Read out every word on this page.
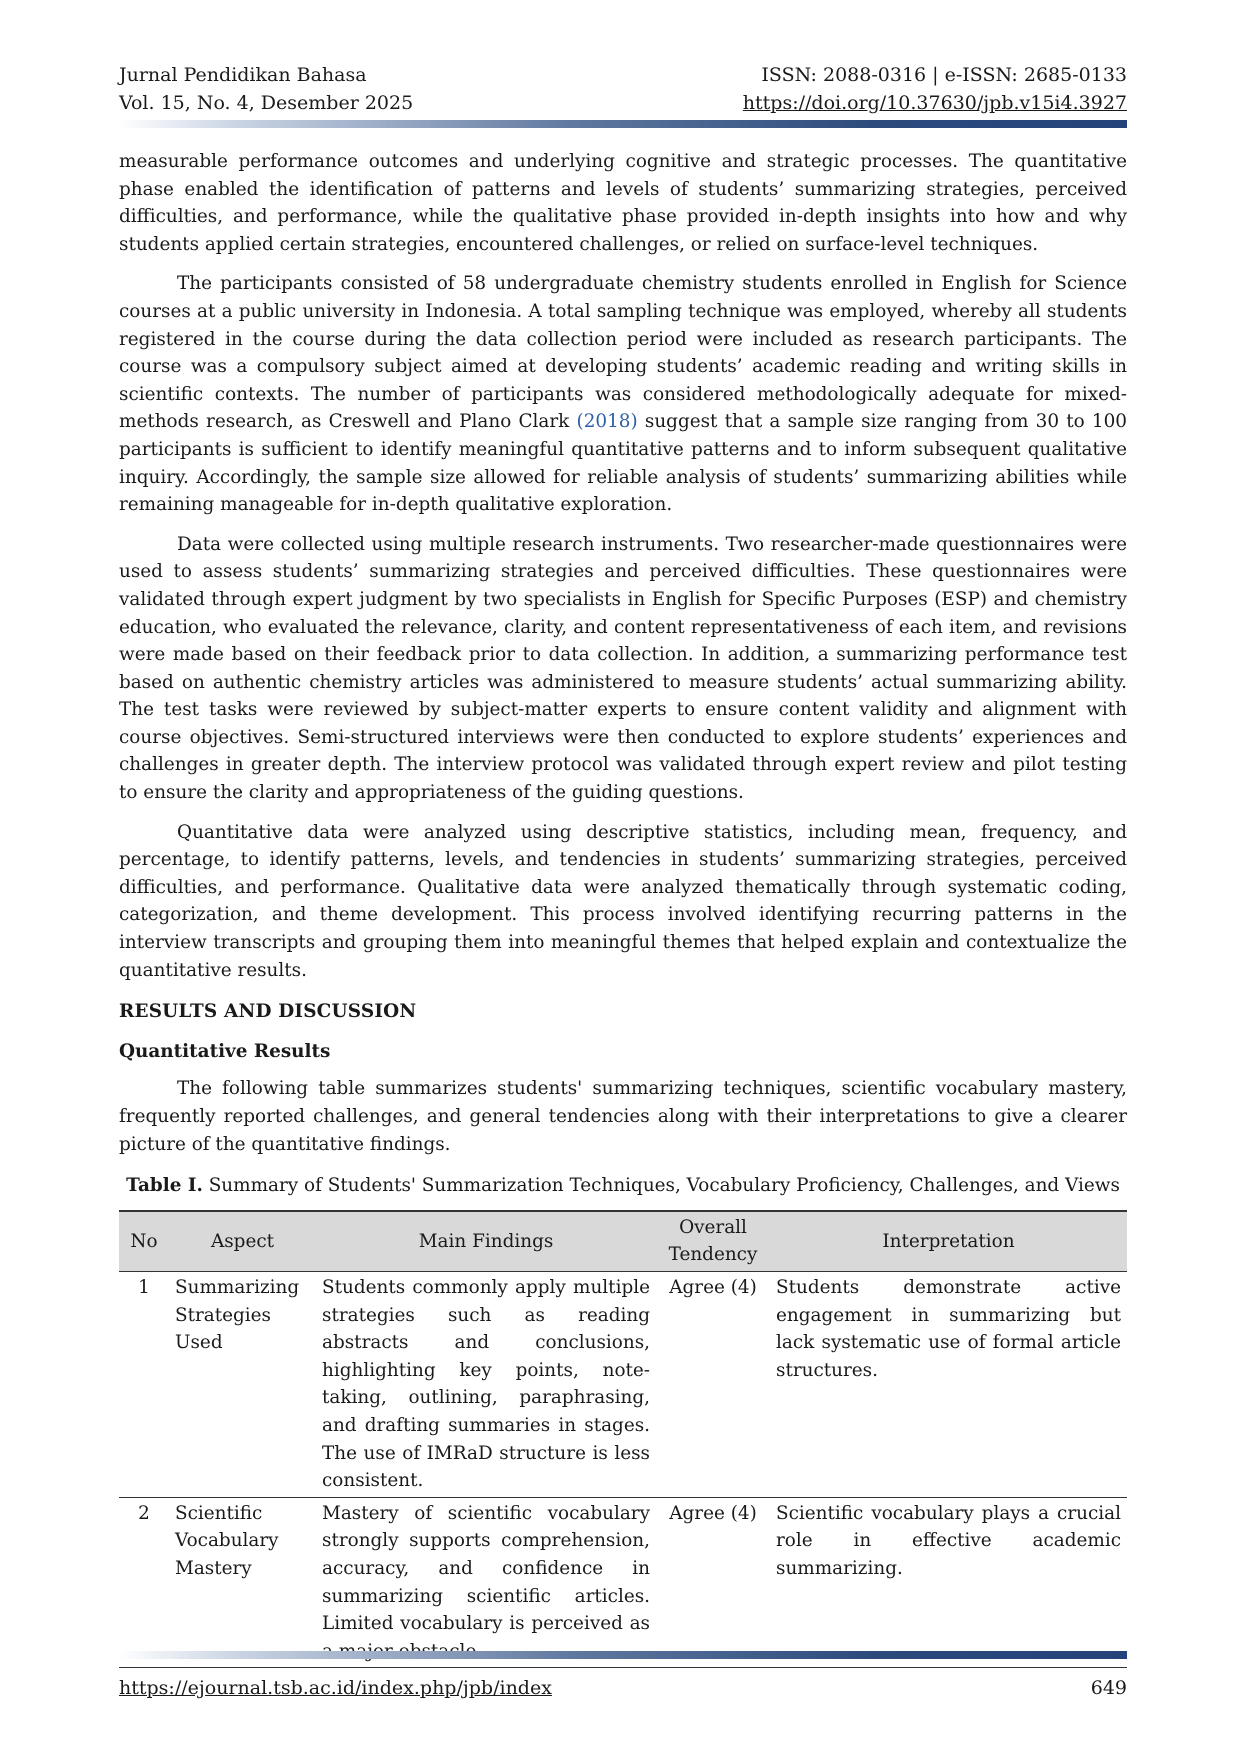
Jurnal Pendidikan Bahasa
Vol. 15, No. 4, Desember 2025
ISSN: 2088-0316 | e-ISSN: 2685-0133
https://doi.org/10.37630/jpb.v15i4.3927

measurable performance outcomes and underlying cognitive and strategic processes. The quantitative phase enabled the identification of patterns and levels of students’ summarizing strategies, perceived difficulties, and performance, while the qualitative phase provided in-depth insights into how and why students applied certain strategies, encountered challenges, or relied on surface-level techniques.

The participants consisted of 58 undergraduate chemistry students enrolled in English for Science courses at a public university in Indonesia. A total sampling technique was employed, whereby all students registered in the course during the data collection period were included as research participants. The course was a compulsory subject aimed at developing students’ academic reading and writing skills in scientific contexts. The number of participants was considered methodologically adequate for mixed-methods research, as Creswell and Plano Clark (2018) suggest that a sample size ranging from 30 to 100 participants is sufficient to identify meaningful quantitative patterns and to inform subsequent qualitative inquiry. Accordingly, the sample size allowed for reliable analysis of students’ summarizing abilities while remaining manageable for in-depth qualitative exploration.

Data were collected using multiple research instruments. Two researcher-made questionnaires were used to assess students’ summarizing strategies and perceived difficulties. These questionnaires were validated through expert judgment by two specialists in English for Specific Purposes (ESP) and chemistry education, who evaluated the relevance, clarity, and content representativeness of each item, and revisions were made based on their feedback prior to data collection. In addition, a summarizing performance test based on authentic chemistry articles was administered to measure students’ actual summarizing ability. The test tasks were reviewed by subject-matter experts to ensure content validity and alignment with course objectives. Semi-structured interviews were then conducted to explore students’ experiences and challenges in greater depth. The interview protocol was validated through expert review and pilot testing to ensure the clarity and appropriateness of the guiding questions.

Quantitative data were analyzed using descriptive statistics, including mean, frequency, and percentage, to identify patterns, levels, and tendencies in students’ summarizing strategies, perceived difficulties, and performance. Qualitative data were analyzed thematically through systematic coding, categorization, and theme development. This process involved identifying recurring patterns in the interview transcripts and grouping them into meaningful themes that helped explain and contextualize the quantitative results.

RESULTS AND DISCUSSION
Quantitative Results

The following table summarizes students' summarizing techniques, scientific vocabulary mastery, frequently reported challenges, and general tendencies along with their interpretations to give a clearer picture of the quantitative findings.

Table I. Summary of Students' Summarization Techniques, Vocabulary Proficiency, Challenges, and Views
No	Aspect	Main Findings	Overall Tendency	Interpretation
1	Summarizing Strategies Used	Students commonly apply multiple strategies such as reading abstracts and conclusions, highlighting key points, note-taking, outlining, paraphrasing, and drafting summaries in stages. The use of IMRaD structure is less consistent.	Agree (4)	Students demonstrate active engagement in summarizing but lack systematic use of formal article structures.
2	Scientific Vocabulary Mastery	Mastery of scientific vocabulary strongly supports comprehension, accuracy, and confidence in summarizing scientific articles. Limited vocabulary is perceived as	Agree (4)	Scientific vocabulary plays a crucial role in effective academic summarizing.
https://ejournal.tsb.ac.id/index.php/jpb/index	649
